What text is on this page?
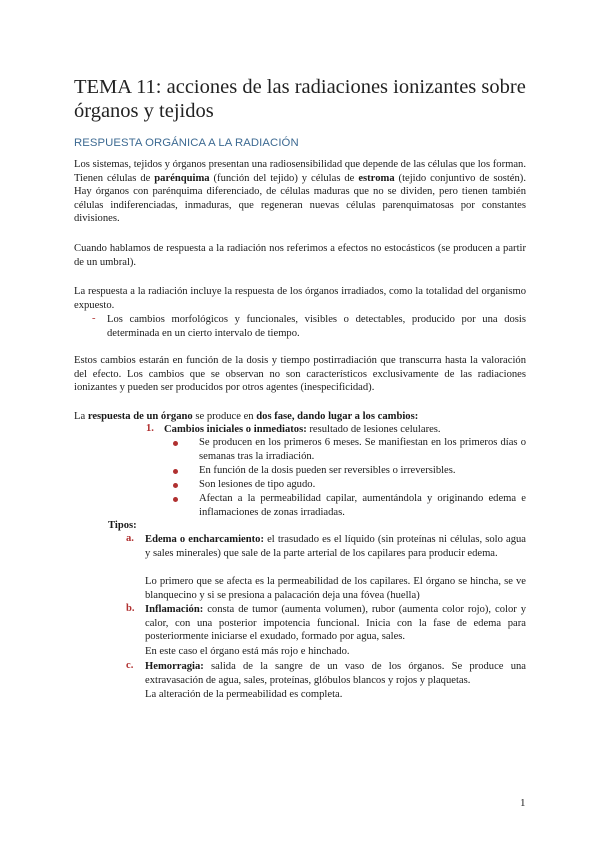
TEMA 11: acciones de las radiaciones ionizantes sobre órganos y tejidos
RESPUESTA ORGÁNICA A LA RADIACIÓN

Los sistemas, tejidos y órganos presentan una radiosensibilidad que depende de las células que los forman. Tienen células de parénquima (función del tejido) y células de estroma (tejido conjuntivo de sostén). Hay órganos con parénquima diferenciado, de células maduras que no se dividen, pero tienen también células indiferenciadas, inmaduras, que regeneran nuevas células parenquimatosas por constantes divisiones.

Cuando hablamos de respuesta a la radiación nos referimos a efectos no estocásticos (se producen a partir de un umbral).

La respuesta a la radiación incluye la respuesta de los órganos irradiados, como la totalidad del organismo expuesto.

- Los cambios morfológicos y funcionales, visibles o detectables, producido por una dosis determinada en un cierto intervalo de tiempo.

Estos cambios estarán en función de la dosis y tiempo postirradiación que transcurra hasta la valoración del efecto. Los cambios que se observan no son característicos exclusivamente de las radiaciones ionizantes y pueden ser producidos por otros agentes (inespecificidad).

La respuesta de un órgano se produce en dos fase, dando lugar a los cambios:

1. Cambios iniciales o inmediatos: resultado de lesiones celulares.

Se producen en los primeros 6 meses. Se manifiestan en los primeros días o semanas tras la irradiación.

En función de la dosis pueden ser reversibles o irreversibles.

Son lesiones de tipo agudo.

Afectan a la permeabilidad capilar, aumentándola y originando edema e inflamaciones de zonas irradiadas.

Tipos:
a. Edema o encharcamiento: el trasudado es el líquido (sin proteínas ni células, solo agua y sales minerales) que sale de la parte arterial de los capilares para producir edema.

Lo primero que se afecta es la permeabilidad de los capilares. El órgano se hincha, se ve blanquecino y si se presiona a palacación deja una fóvea (huella)

b. Inflamación: consta de tumor (aumenta volumen), rubor (aumenta color rojo), color y calor, con una posterior impotencia funcional. Inicia con la fase de edema para posteriormente iniciarse el exudado, formado por agua, sales.

En este caso el órgano está más rojo e hinchado.

c. Hemorragia: salida de la sangre de un vaso de los órganos. Se produce una extravasación de agua, sales, proteínas, glóbulos blancos y rojos y plaquetas.

La alteración de la permeabilidad es completa.

1
